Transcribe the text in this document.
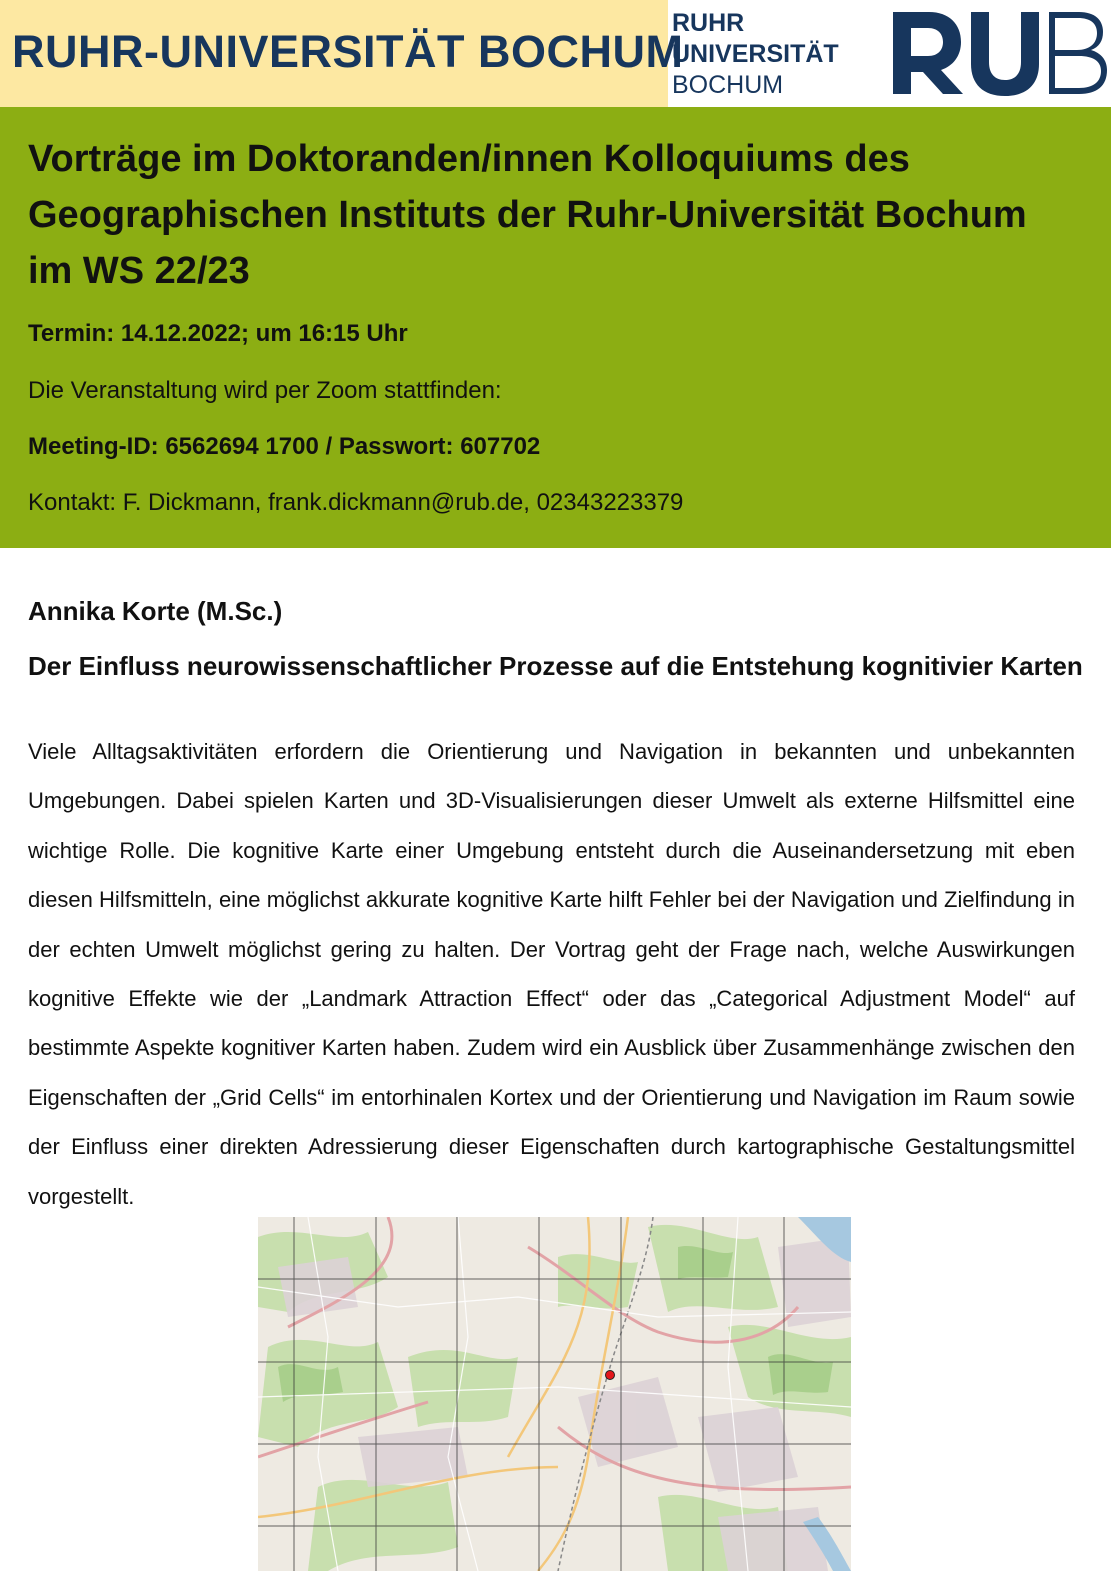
RUHR-UNIVERSITÄT BOCHUM
RUHR
UNIVERSITÄT
BOCHUM
Vorträge im Doktoranden/innen Kolloquiums des
Geographischen Instituts der Ruhr-Universität Bochum
im WS 22/23
Termin: 14.12.2022; um 16:15 Uhr
Die Veranstaltung wird per Zoom stattfinden:
Meeting-ID: 6562694 1700 / Passwort: 607702
Kontakt: F. Dickmann, frank.dickmann@rub.de, 02343223379
Annika Korte (M.Sc.)
Der Einfluss neurowissenschaftlicher Prozesse auf die Entstehung kognitivier Karten

Viele Alltagsaktivitäten erfordern die Orientierung und Navigation in bekannten und unbekannten Umgebungen. Dabei spielen Karten und 3D-Visualisierungen dieser Umwelt als externe Hilfsmittel eine wichtige Rolle. Die kognitive Karte einer Umgebung entsteht durch die Auseinandersetzung mit eben diesen Hilfsmitteln, eine möglichst akkurate kognitive Karte hilft Fehler bei der Navigation und Zielfindung in der echten Umwelt möglichst gering zu halten. Der Vortrag geht der Frage nach, welche Auswirkungen kognitive Effekte wie der „Landmark Attraction Effect“ oder das „Categorical Adjustment Model“ auf bestimmte Aspekte kognitiver Karten haben. Zudem wird ein Ausblick über Zusammenhänge zwischen den Eigenschaften der „Grid Cells“ im entorhinalen Kortex und der Orientierung und Navigation im Raum sowie der Einfluss einer direkten Adressierung dieser Eigenschaften durch kartographische Gestaltungsmittel vorgestellt.
